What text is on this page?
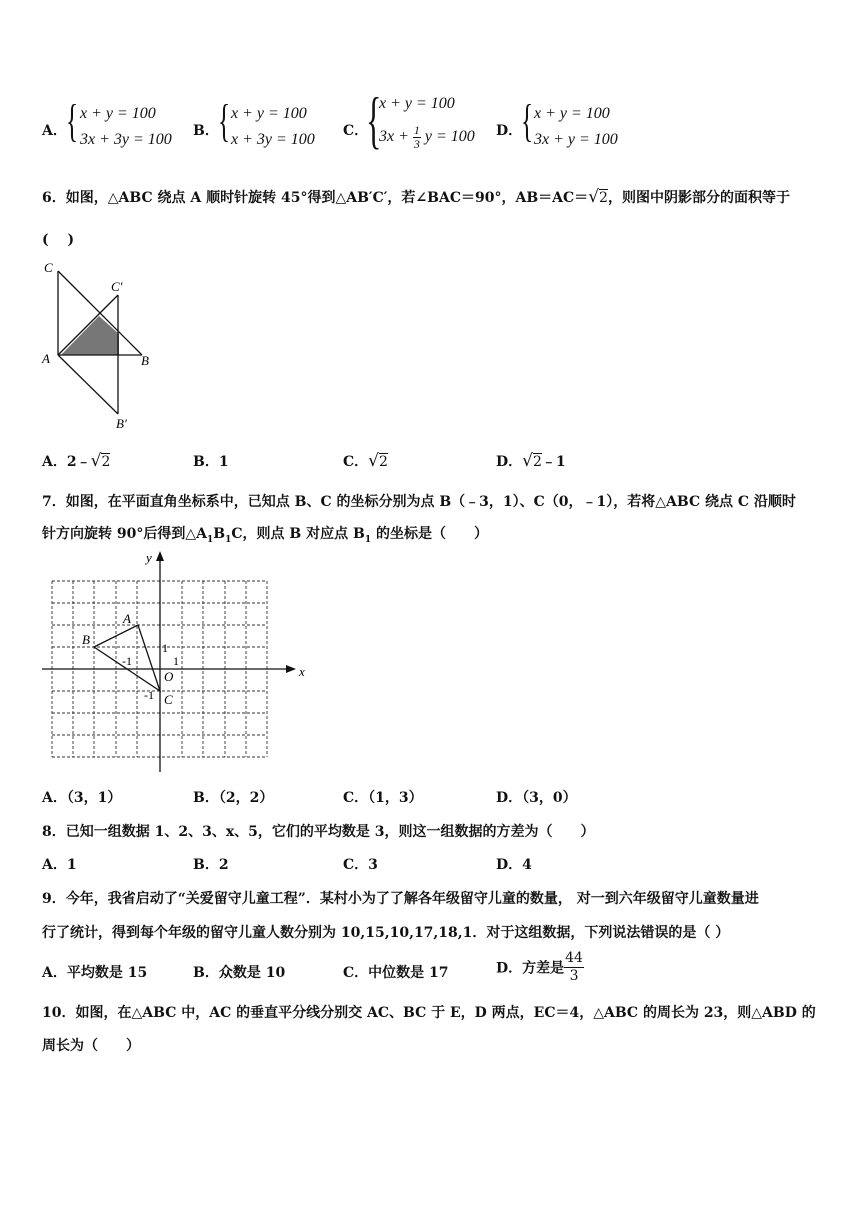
A． { x + y = 100
3x + 3y = 100 B． { x + y = 100
x + 3y = 100 C．
{
x + y = 100
$3x + \frac{1}{3}$ y = 100 D．
{ x + y = 100
3x + y = 100
6．如图，△ABC 绕点 A 顺时针旋转 45°得到△AB′C′，若∠BAC＝90°，AB＝AC＝√2，则图中阴影部分的面积等于
(　 )
C
C′
A	B
B′
A．2﹣√2	B．1	C．√2	D．√2﹣1
7．如图，在平面直角坐标系中，已知点 B、C 的坐标分别为点 B（﹣3，1）、C（0，﹣1），若将△ABC 绕点 C 沿顺时
针方向旋转 90°后得到$\triangle A_1B_1C$，则点 B 对应点 $B_1$ 的坐标是（　　）
y
x
A
B
O
C
1
-1	1
-1
A．（3，1）	B．（2，2）	C．（1，3）	D．（3，0）
8．已知一组数据 1、2、3、x、5，它们的平均数是 3，则这一组数据的方差为（　　）
A．1	B．2	C．3	D．4
9．今年，我省启动了“关爱留守儿童工程”．某村小为了了解各年级留守儿童的数量， 对一到六年级留守儿童数量进
行了统计，得到每个年级的留守儿童人数分别为 10,15,10,17,18,1．对于这组数据，下列说法错误的是（ ）
A．平均数是 15	B．众数是 10	C．中位数是 17	D．方差是 $\frac{44}{3}$
10．如图，在△ABC 中，AC 的垂直平分线分别交 AC、BC 于 E，D 两点，EC＝4，△ABC 的周长为 23，则△ABD 的
周长为（　　）
